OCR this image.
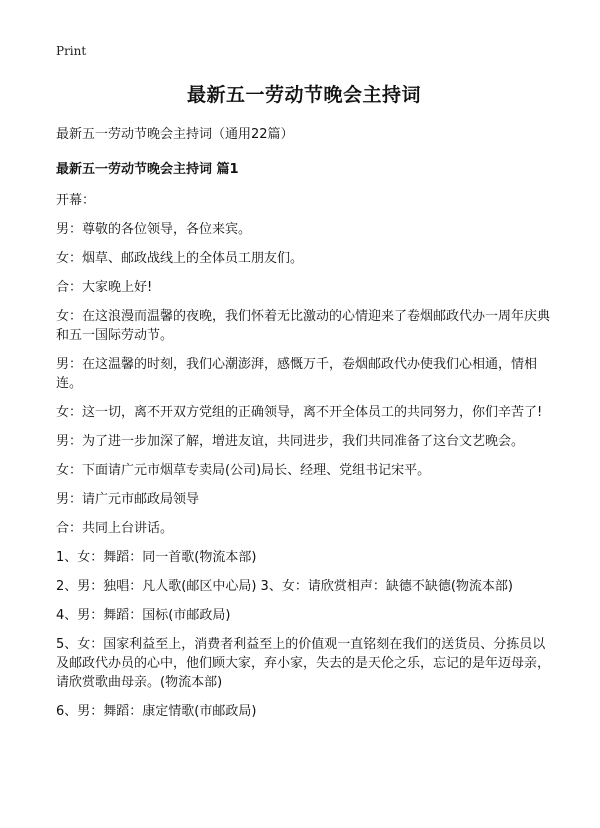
Print
最新五一劳动节晚会主持词

最新五一劳动节晚会主持词（通用22篇）

最新五一劳动节晚会主持词 篇1

开幕：

男：尊敬的各位领导，各位来宾。

女：烟草、邮政战线上的全体员工朋友们。

合：大家晚上好!

女：在这浪漫而温馨的夜晚，我们怀着无比激动的心情迎来了卷烟邮政代办一周年庆典和五一国际劳动节。

男：在这温馨的时刻，我们心潮澎湃，感慨万千，卷烟邮政代办使我们心相通，情相连。

女：这一切，离不开双方党组的正确领导，离不开全体员工的共同努力，你们辛苦了!

男：为了进一步加深了解，增进友谊，共同进步，我们共同准备了这台文艺晚会。

女：下面请广元市烟草专卖局(公司)局长、经理、党组书记宋平。

男：请广元市邮政局领导

合：共同上台讲话。

1、女：舞蹈：同一首歌(物流本部)

2、男：独唱：凡人歌(邮区中心局) 3、女：请欣赏相声：缺德不缺德(物流本部)

4、男：舞蹈：国标(市邮政局)

5、女：国家利益至上，消费者利益至上的价值观一直铭刻在我们的送货员、分拣员以及邮政代办员的心中，他们顾大家，弃小家，失去的是天伦之乐，忘记的是年迈母亲，请欣赏歌曲母亲。(物流本部)

6、男：舞蹈：康定情歌(市邮政局)
